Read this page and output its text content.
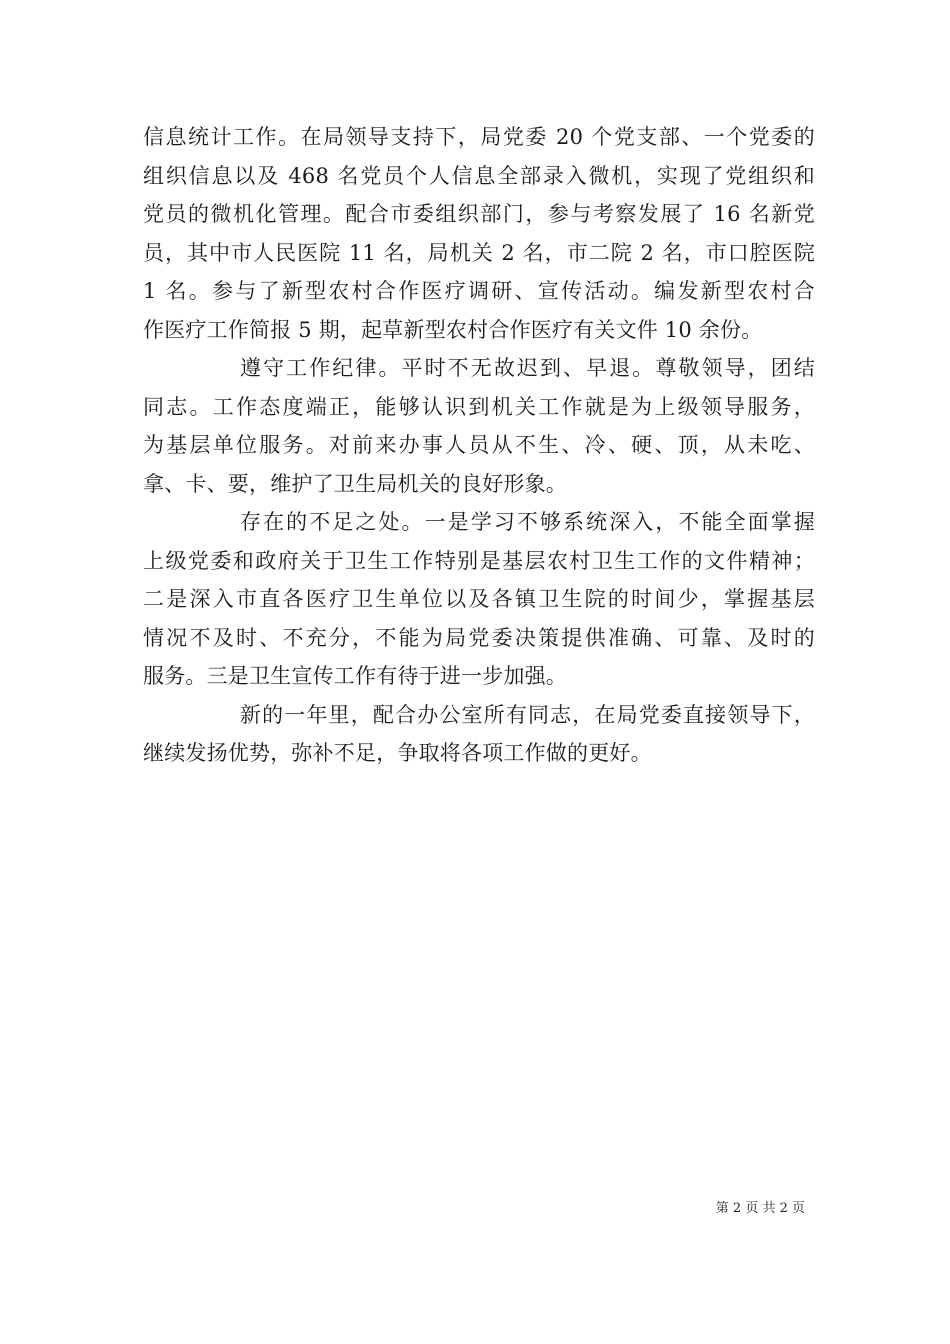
信息统计工作。在局领导支持下，局党委 20 个党支部、一个党委的
组织信息以及 468 名党员个人信息全部录入微机，实现了党组织和
党员的微机化管理。配合市委组织部门，参与考察发展了 16 名新党
员，其中市人民医院 11 名，局机关 2 名，市二院 2 名，市口腔医院
1 名。参与了新型农村合作医疗调研、宣传活动。编发新型农村合
作医疗工作简报 5 期，起草新型农村合作医疗有关文件 10 余份。
遵守工作纪律。平时不无故迟到、早退。尊敬领导，团结
同志。工作态度端正，能够认识到机关工作就是为上级领导服务，
为基层单位服务。对前来办事人员从不生、冷、硬、顶，从未吃、
拿、卡、要，维护了卫生局机关的良好形象。
存在的不足之处。一是学习不够系统深入，不能全面掌握
上级党委和政府关于卫生工作特别是基层农村卫生工作的文件精神；
二是深入市直各医疗卫生单位以及各镇卫生院的时间少，掌握基层
情况不及时、不充分，不能为局党委决策提供准确、可靠、及时的
服务。三是卫生宣传工作有待于进一步加强。
新的一年里，配合办公室所有同志，在局党委直接领导下，
继续发扬优势，弥补不足，争取将各项工作做的更好。
第 2 页 共 2 页
